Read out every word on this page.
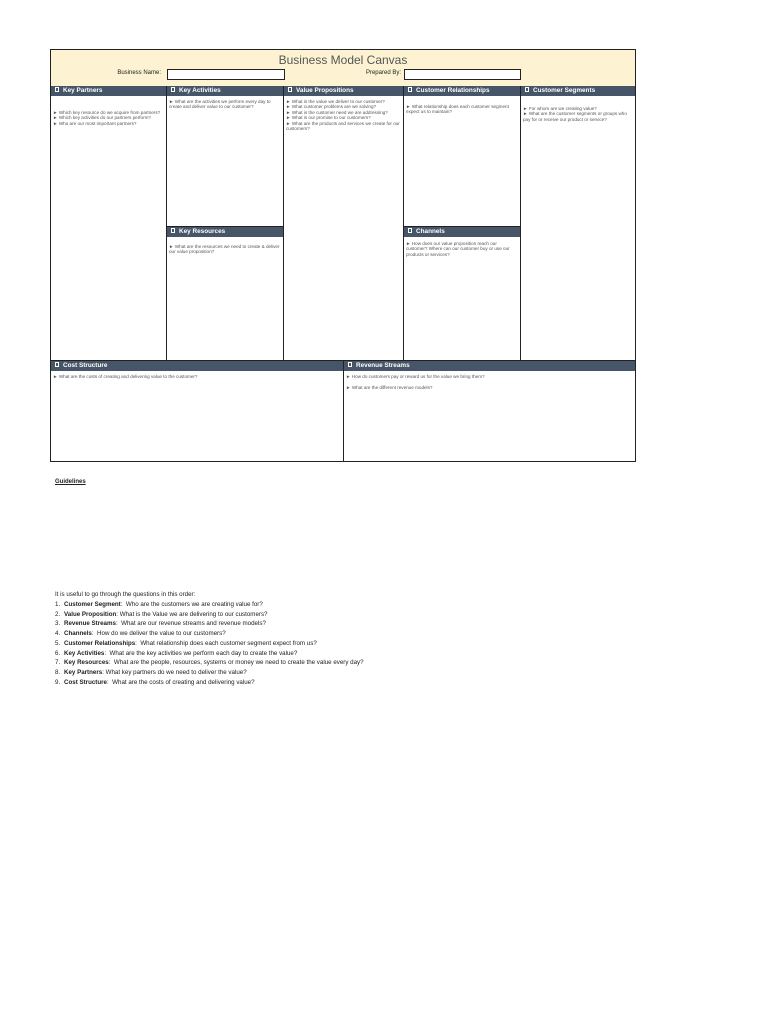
Business Model Canvas
Business Name:	Prepared By:
Key Partners
► Which key resource do we acquire from partners?
► Which key activities do our partners perform?
► Who are our most important partners?
Key Activities
► What are the activities we perform every day to create and deliver value to our customer?
Key Resources
► What are the resources we need to create & deliver our value proposition?
Value Propositions
► What is the value we deliver to our customer?
► What customer problems are we solving?
► What is the customer need we are addressing?
► What is our promise to our customers?
► What are the products and services we create for our customers?
Customer Relationships
► What relationship does each customer segment expect us to maintain?
Channels
► How does our value proposition reach our customer? Where can our customer buy or use our products or services?
Customer Segments
► For whom are we creating value?
► What are the customer segments or groups who pay for or receive our product or service?
Cost Structure
► What are the costs of creating and delivering value to the customer?
Revenue Streams
► How do customers pay or reward us for the value we bring them?
► What are the different revenue models?
Guidelines
It is useful to go through the questions in this order:
1. Customer Segment:  Who are the customers we are creating value for?
2. Value Proposition: What is the Value we are delivering to our customers?
3. Revenue Streams:  What are our revenue streams and revenue models?
4. Channels:  How do we deliver the value to our customers?
5. Customer Relationships:  What relationship does each customer segment expect from us?
6. Key Activities:  What are the key activities we perform each day to create the value?
7. Key Resources:  What are the people, resources, systems or money we need to create the value every day?
8. Key Partners: What key partners do we need to deliver the value?
9. Cost Structure:  What are the costs of creating and delivering value?
